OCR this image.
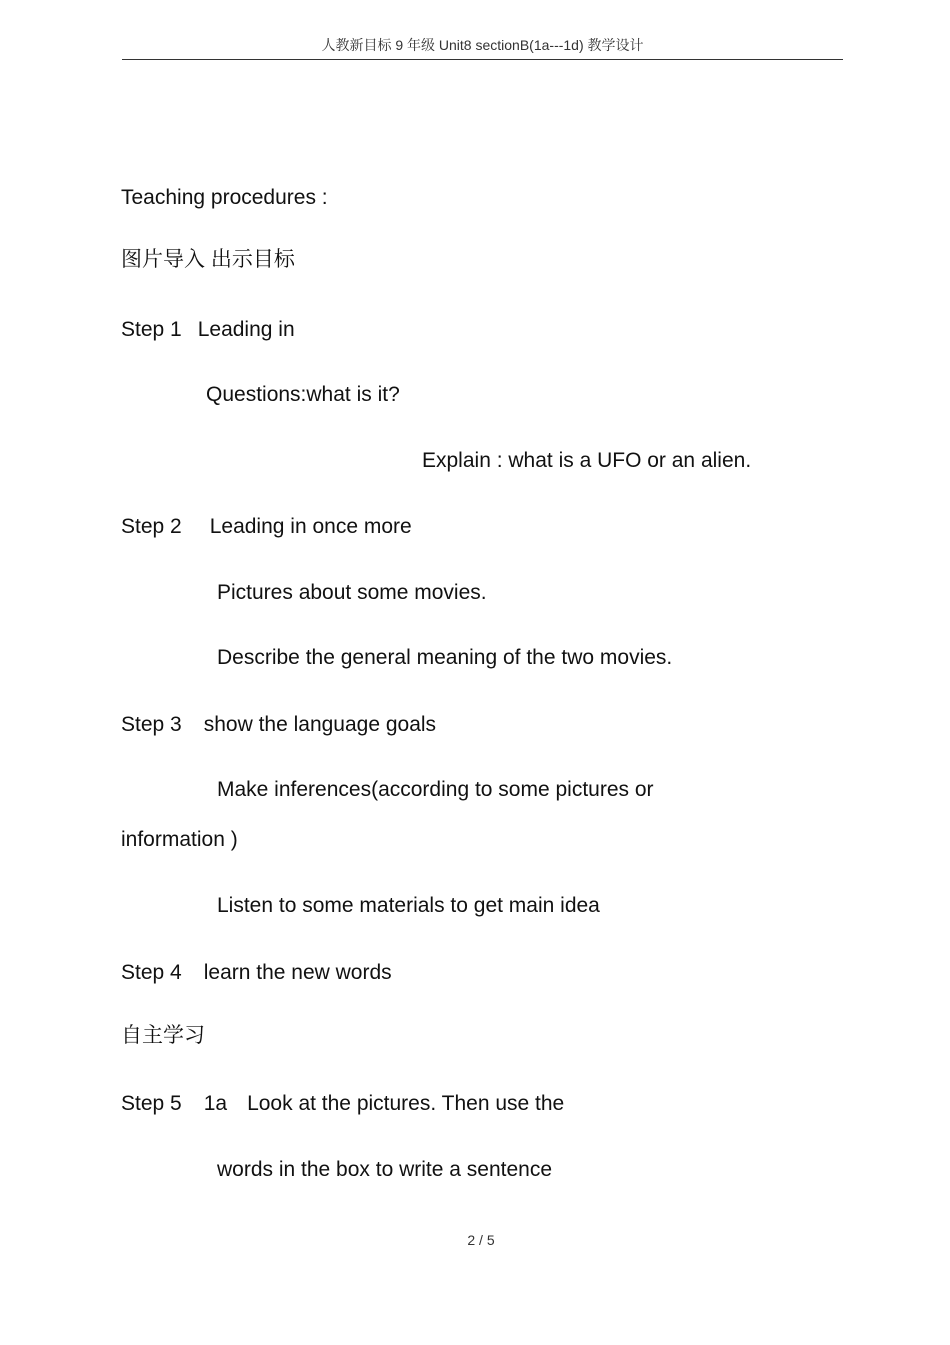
人教新目标 9 年级 Unit8 sectionB(1a---1d) 教学设计
Teaching procedures :
图片导入 出示目标
Step 1 Leading in
Questions:what is it?
Explain : what is a UFO or an alien.
Step 2 Leading in once more
Pictures about some movies.
Describe the general meaning of the two movies.
Step 3 show the language goals
Make inferences(according to some pictures or
information )
Listen to some materials to get main idea
Step 4 learn the new words
自主学习
Step 5 1a Look at the pictures. Then use the
words in the box to write a sentence
2 / 5
